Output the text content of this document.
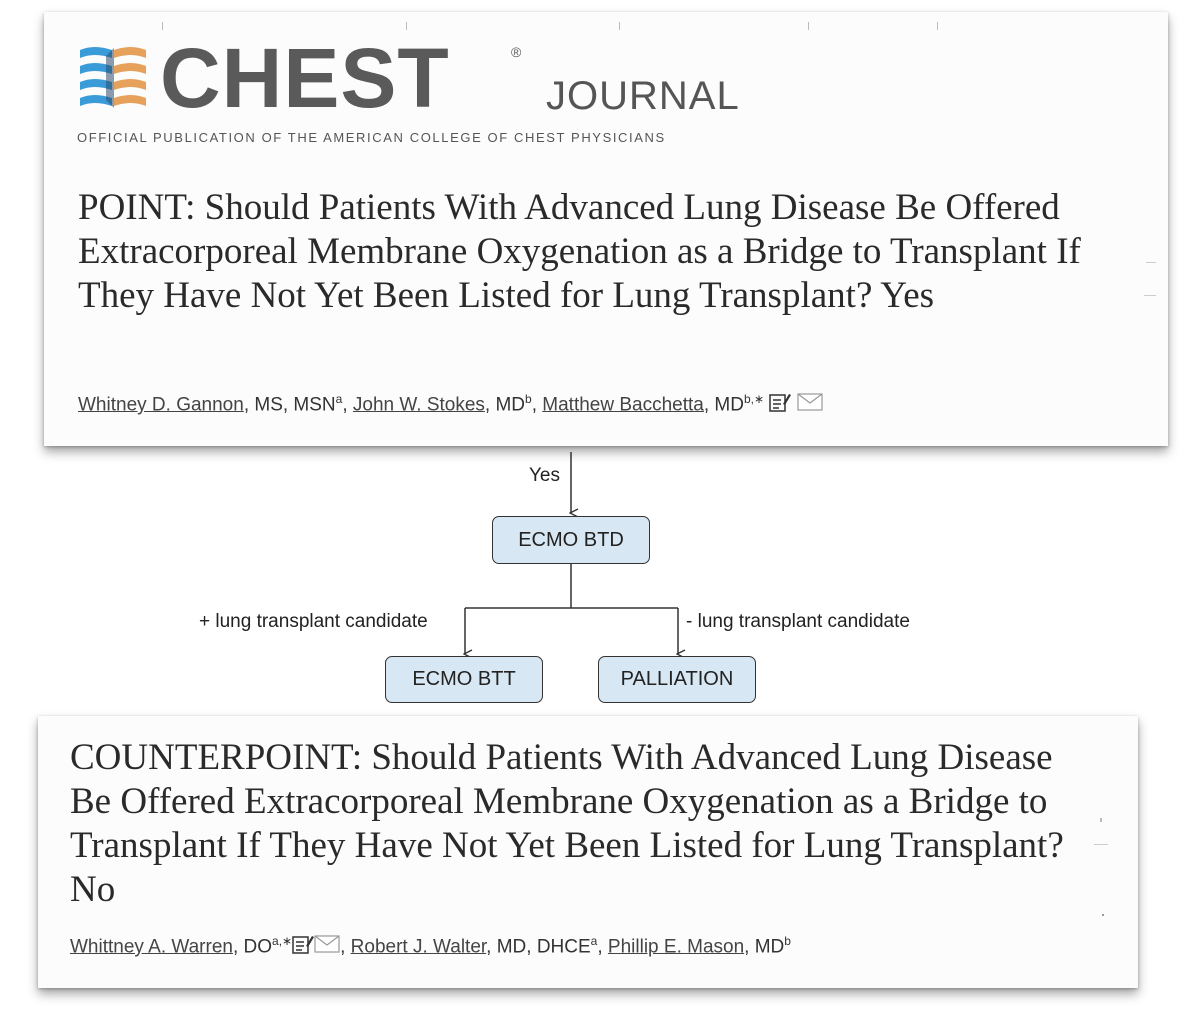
CHEST	®
JOURNAL
OFFICIAL PUBLICATION OF THE AMERICAN COLLEGE OF CHEST PHYSICIANS
POINT: Should Patients With Advanced Lung Disease Be Offered Extracorporeal Membrane Oxygenation as a Bridge to Transplant If They Have Not Yet Been Listed for Lung Transplant? Yes
Whitney D. Gannon, MS, MSN$^a$, John W. Stokes, $MD^b$, Matthew Bacchetta, $MD^{b,∗}$
Yes
ECMO BTD
+ lung transplant candidate	- lung transplant candidate
ECMO BTT	PALLIATION
COUNTERPOINT: Should Patients With Advanced Lung Disease Be Offered Extracorporeal Membrane Oxygenation as a Bridge to Transplant If They Have Not Yet Been Listed for Lung Transplant? No
Whittney A. Warren, $DO^{a,∗}$	, Robert J. Walter, MD, DHCE$^a$, Phillip E. Mason, $MD^b$
